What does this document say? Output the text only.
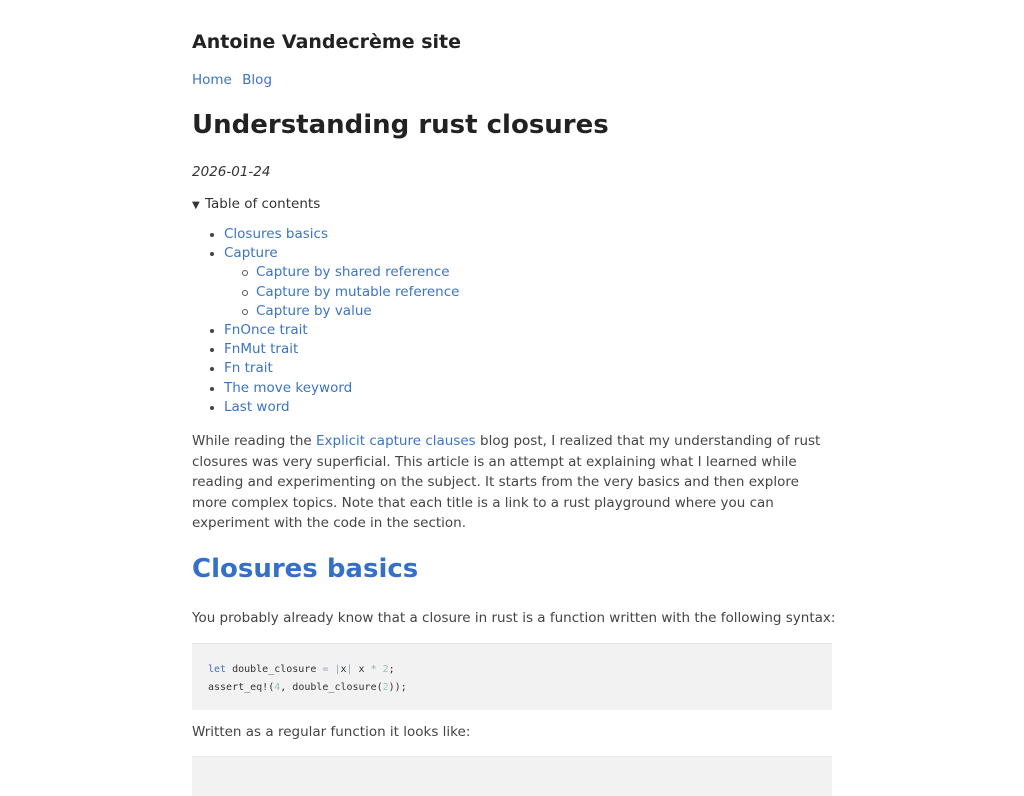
Antoine Vandecrème site
Home Blog
Understanding rust closures
2026-01-24
▼ Table of contents
Closures basics
Capture
Capture by shared reference
Capture by mutable reference
Capture by value
FnOnce trait
FnMut trait
Fn trait
The move keyword
Last word

While reading the Explicit capture clauses blog post, I realized that my understanding of rust closures was very superficial. This article is an attempt at explaining what I learned while reading and experimenting on the subject. It starts from the very basics and then explore more complex topics. Note that each title is a link to a rust playground where you can experiment with the code in the section.

Closures basics

You probably already know that a closure in rust is a function written with the following syntax:

let double_closure = |x| x * 2;
assert_eq!(4, double_closure(2));

Written as a regular function it looks like:
